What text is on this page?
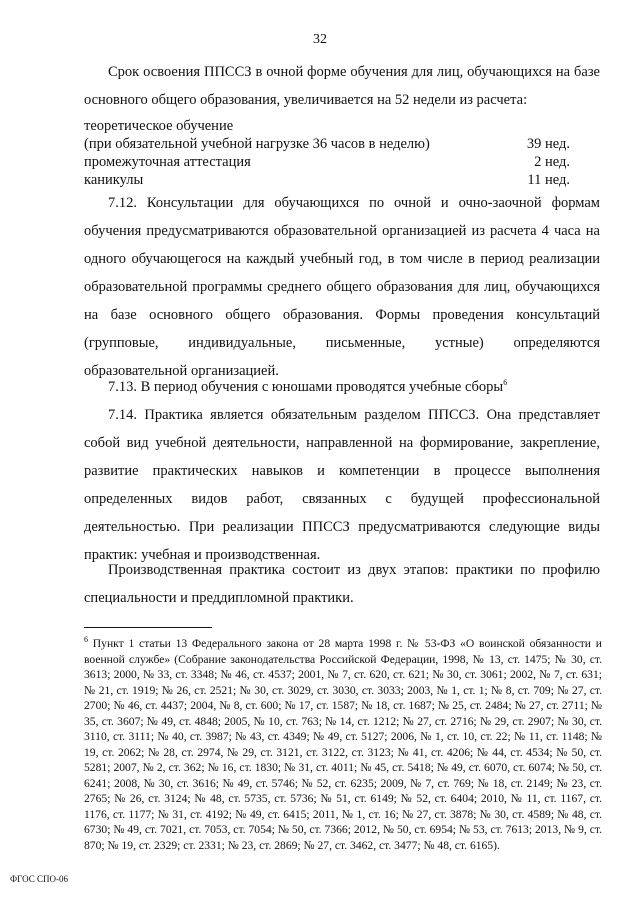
32

Срок освоения ППССЗ в очной форме обучения для лиц, обучающихся на базе основного общего образования, увеличивается на 52 недели из расчета:

теоретическое обучение
(при обязательной учебной нагрузке 36 часов в неделю)	39 нед.
промежуточная аттестация	2 нед.
каникулы	11 нед.

7.12. Консультации для обучающихся по очной и очно-заочной формам обучения предусматриваются образовательной организацией из расчета 4 часа на одного обучающегося на каждый учебный год, в том числе в период реализации образовательной программы среднего общего образования для лиц, обучающихся на базе основного общего образования. Формы проведения консультаций (групповые, индивидуальные, письменные, устные) определяются образовательной организацией.

7.13. В период обучения с юношами проводятся учебные сборы$^6$

7.14. Практика является обязательным разделом ППССЗ. Она представляет собой вид учебной деятельности, направленной на формирование, закрепление, развитие практических навыков и компетенции в процессе выполнения определенных видов работ, связанных с будущей профессиональной деятельностью. При реализации ППССЗ предусматриваются следующие виды практик: учебная и производственная.

Производственная практика состоит из двух этапов: практики по профилю специальности и преддипломной практики.

$^6$ Пункт 1 статьи 13 Федерального закона от 28 марта 1998 г. № 53-ФЗ «О воинской обязанности и военной службе» (Собрание законодательства Российской Федерации, 1998, № 13, ст. 1475; № 30, ст. 3613; 2000, № 33, ст. 3348; № 46, ст. 4537; 2001, № 7, ст. 620, ст. 621; № 30, ст. 3061; 2002, № 7, ст. 631; № 21, ст. 1919; № 26, ст. 2521; № 30, ст. 3029, ст. 3030, ст. 3033; 2003, № 1, ст. 1; № 8, ст. 709; № 27, ст. 2700; № 46, ст. 4437; 2004, № 8, ст. 600; № 17, ст. 1587; № 18, ст. 1687; № 25, ст. 2484; № 27, ст. 2711; № 35, ст. 3607; № 49, ст. 4848; 2005, № 10, ст. 763; № 14, ст. 1212; № 27, ст. 2716; № 29, ст. 2907; № 30, ст. 3110, ст. 3111; № 40, ст. 3987; № 43, ст. 4349; № 49, ст. 5127; 2006, № 1, ст. 10, ст. 22; № 11, ст. 1148; № 19, ст. 2062; № 28, ст. 2974, № 29, ст. 3121, ст. 3122, ст. 3123; № 41, ст. 4206; № 44, ст. 4534; № 50, ст. 5281; 2007, № 2, ст. 362; № 16, ст. 1830; № 31, ст. 4011; № 45, ст. 5418; № 49, ст. 6070, ст. 6074; № 50, ст. 6241; 2008, № 30, ст. 3616; № 49, ст. 5746; № 52, ст. 6235; 2009, № 7, ст. 769; № 18, ст. 2149; № 23, ст. 2765; № 26, ст. 3124; № 48, ст. 5735, ст. 5736; № 51, ст. 6149; № 52, ст. 6404; 2010, № 11, ст. 1167, ст. 1176, ст. 1177; № 31, ст. 4192; № 49, ст. 6415; 2011, № 1, ст. 16; № 27, ст. 3878; № 30, ст. 4589; № 48, ст. 6730; № 49, ст. 7021, ст. 7053, ст. 7054; № 50, ст. 7366; 2012, № 50, ст. 6954; № 53, ст. 7613; 2013, № 9, ст. 870; № 19, ст. 2329; ст. 2331; № 23, ст. 2869; № 27, ст. 3462, ст. 3477; № 48, ст. 6165).

ФГОС СПО-06
